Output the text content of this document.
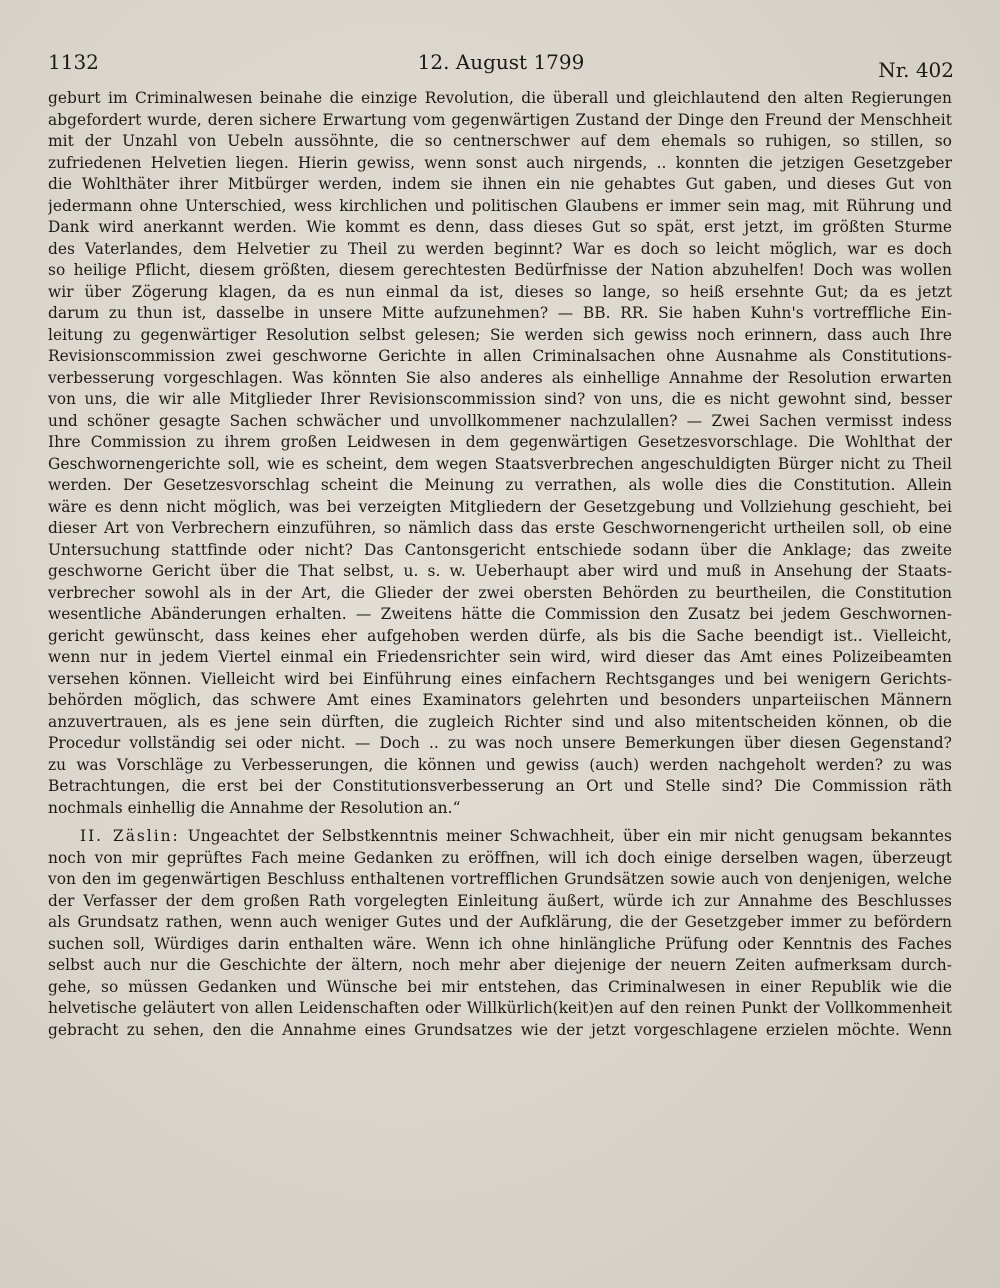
1132	12. August 1799	Nr. 402
geburt im Criminalwesen beinahe die einzige Revolution, die überall und gleichlautend den alten Regierungen
abgefordert wurde, deren sichere Erwartung vom gegenwärtigen Zustand der Dinge den Freund der Menschheit
mit der Unzahl von Uebeln aussöhnte, die so centnerschwer auf dem ehemals so ruhigen, so stillen, so
zufriedenen Helvetien liegen. Hierin gewiss, wenn sonst auch nirgends, .. konnten die jetzigen Gesetzgeber
die Wohlthäter ihrer Mitbürger werden, indem sie ihnen ein nie gehabtes Gut gaben, und dieses Gut von
jedermann ohne Unterschied, wess kirchlichen und politischen Glaubens er immer sein mag, mit Rührung und
Dank wird anerkannt werden. Wie kommt es denn, dass dieses Gut so spät, erst jetzt, im größten Sturme
des Vaterlandes, dem Helvetier zu Theil zu werden beginnt? War es doch so leicht möglich, war es doch
so heilige Pflicht, diesem größten, diesem gerechtesten Bedürfnisse der Nation abzuhelfen! Doch was wollen
wir über Zögerung klagen, da es nun einmal da ist, dieses so lange, so heiß ersehnte Gut; da es jetzt
darum zu thun ist, dasselbe in unsere Mitte aufzunehmen? — BB. RR. Sie haben Kuhn's vortreffliche Ein-
leitung zu gegenwärtiger Resolution selbst gelesen; Sie werden sich gewiss noch erinnern, dass auch Ihre
Revisionscommission zwei geschworne Gerichte in allen Criminalsachen ohne Ausnahme als Constitutions-
verbesserung vorgeschlagen. Was könnten Sie also anderes als einhellige Annahme der Resolution erwarten
von uns, die wir alle Mitglieder Ihrer Revisionscommission sind? von uns, die es nicht gewohnt sind, besser
und schöner gesagte Sachen schwächer und unvollkommener nachzulallen? — Zwei Sachen vermisst indess
Ihre Commission zu ihrem großen Leidwesen in dem gegenwärtigen Gesetzesvorschlage. Die Wohlthat der
Geschwornengerichte soll, wie es scheint, dem wegen Staatsverbrechen angeschuldigten Bürger nicht zu Theil
werden. Der Gesetzesvorschlag scheint die Meinung zu verrathen, als wolle dies die Constitution. Allein
wäre es denn nicht möglich, was bei verzeigten Mitgliedern der Gesetzgebung und Vollziehung geschieht, bei
dieser Art von Verbrechern einzuführen, so nämlich dass das erste Geschwornengericht urtheilen soll, ob eine
Untersuchung stattfinde oder nicht? Das Cantonsgericht entschiede sodann über die Anklage; das zweite
geschworne Gericht über die That selbst, u. s. w. Ueberhaupt aber wird und muß in Ansehung der Staats-
verbrecher sowohl als in der Art, die Glieder der zwei obersten Behörden zu beurtheilen, die Constitution
wesentliche Abänderungen erhalten. — Zweitens hätte die Commission den Zusatz bei jedem Geschwornen-
gericht gewünscht, dass keines eher aufgehoben werden dürfe, als bis die Sache beendigt ist.. Vielleicht,
wenn nur in jedem Viertel einmal ein Friedensrichter sein wird, wird dieser das Amt eines Polizeibeamten
versehen können. Vielleicht wird bei Einführung eines einfachern Rechtsganges und bei wenigern Gerichts-
behörden möglich, das schwere Amt eines Examinators gelehrten und besonders unparteiischen Männern
anzuvertrauen, als es jene sein dürften, die zugleich Richter sind und also mitentscheiden können, ob die
Procedur vollständig sei oder nicht. — Doch .. zu was noch unsere Bemerkungen über diesen Gegenstand?
zu was Vorschläge zu Verbesserungen, die können und gewiss (auch) werden nachgeholt werden? zu was
Betrachtungen, die erst bei der Constitutionsverbesserung an Ort und Stelle sind? Die Commission räth
nochmals einhellig die Annahme der Resolution an.“
II. Zäslin: Ungeachtet der Selbstkenntnis meiner Schwachheit, über ein mir nicht genugsam bekanntes
noch von mir geprüftes Fach meine Gedanken zu eröffnen, will ich doch einige derselben wagen, überzeugt
von den im gegenwärtigen Beschluss enthaltenen vortrefflichen Grundsätzen sowie auch von denjenigen, welche
der Verfasser der dem großen Rath vorgelegten Einleitung äußert, würde ich zur Annahme des Beschlusses
als Grundsatz rathen, wenn auch weniger Gutes und der Aufklärung, die der Gesetzgeber immer zu befördern
suchen soll, Würdiges darin enthalten wäre. Wenn ich ohne hinlängliche Prüfung oder Kenntnis des Faches
selbst auch nur die Geschichte der ältern, noch mehr aber diejenige der neuern Zeiten aufmerksam durch-
gehe, so müssen Gedanken und Wünsche bei mir entstehen, das Criminalwesen in einer Republik wie die
helvetische geläutert von allen Leidenschaften oder Willkürlich(keit)en auf den reinen Punkt der Vollkommenheit
gebracht zu sehen, den die Annahme eines Grundsatzes wie der jetzt vorgeschlagene erzielen möchte. Wenn
